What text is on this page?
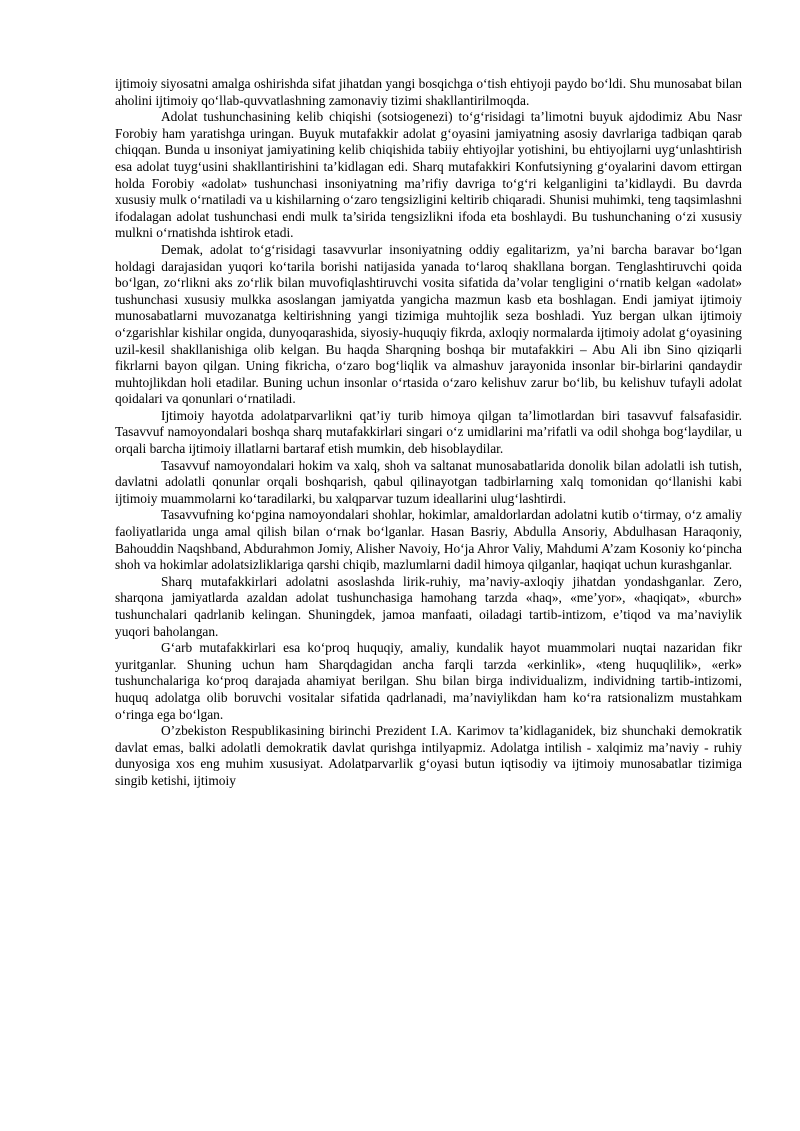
ijtimoiy siyosatni amalga oshirishda sifat jihatdan yangi bosqichga o‘tish ehtiyoji paydo bo‘ldi. Shu munosabat bilan aholini ijtimoiy qo‘llab-quvvatlashning zamonaviy tizimi shakllantirilmoqda.

Adolat tushunchasining kelib chiqishi (sotsiogenezi) to‘g‘risidagi ta’limotni buyuk ajdodimiz Abu Nasr Forobiy ham yaratishga uringan. Buyuk mutafakkir adolat g‘oyasini jamiyatning asosiy davrlariga tadbiqan qarab chiqqan. Bunda u insoniyat jamiyatining kelib chiqishida tabiiy ehtiyojlar yotishini, bu ehtiyojlarni uyg‘unlashtirish esa adolat tuyg‘usini shakllantirishini ta’kidlagan edi. Sharq mutafakkiri Konfutsiyning g‘oyalarini davom ettirgan holda Forobiy «adolat» tushunchasi insoniyatning ma’rifiy davriga to‘g‘ri kelganligini ta’kidlaydi. Bu davrda xususiy mulk o‘rnatiladi va u kishilarning o‘zaro tengsizligini keltirib chiqaradi. Shunisi muhimki, teng taqsimlashni ifodalagan adolat tushunchasi endi mulk ta’sirida tengsizlikni ifoda eta boshlaydi. Bu tushunchaning o‘zi xususiy mulkni o‘rnatishda ishtirok etadi.

Demak, adolat to‘g‘risidagi tasavvurlar insoniyatning oddiy egalitarizm, ya’ni barcha baravar bo‘lgan holdagi darajasidan yuqori ko‘tarila borishi natijasida yanada to‘laroq shakllana borgan. Tenglashtiruvchi qoida bo‘lgan, zo‘rlikni aks zo‘rlik bilan muvofiqlashtiruvchi vosita sifatida da’volar tengligini o‘rnatib kelgan «adolat» tushunchasi xususiy mulkka asoslangan jamiyatda yangicha mazmun kasb eta boshlagan. Endi jamiyat ijtimoiy munosabatlarni muvozanatga keltirishning yangi tizimiga muhtojlik seza boshladi. Yuz bergan ulkan ijtimoiy o‘zgarishlar kishilar ongida, dunyoqarashida, siyosiy-huquqiy fikrda, axloqiy normalarda ijtimoiy adolat g‘oyasining uzil-kesil shakllanishiga olib kelgan. Bu haqda Sharqning boshqa bir mutafakkiri – Abu Ali ibn Sino qiziqarli fikrlarni bayon qilgan. Uning fikricha, o‘zaro bog‘liqlik va almashuv jarayonida insonlar bir-birlarini qandaydir muhtojlikdan holi etadilar. Buning uchun insonlar o‘rtasida o‘zaro kelishuv zarur bo‘lib, bu kelishuv tufayli adolat qoidalari va qonunlari o‘rnatiladi.

Ijtimoiy hayotda adolatparvarlikni qat’iy turib himoya qilgan ta’limotlardan biri tasavvuf falsafasidir. Tasavvuf namoyondalari boshqa sharq mutafakkirlari singari o‘z umidlarini ma’rifatli va odil shohga bog‘laydilar, u orqali barcha ijtimoiy illatlarni bartaraf etish mumkin, deb hisoblaydilar.

Tasavvuf namoyondalari hokim va xalq, shoh va saltanat munosabatlarida donolik bilan adolatli ish tutish, davlatni adolatli qonunlar orqali boshqarish, qabul qilinayotgan tadbirlarning xalq tomonidan qo‘llanishi kabi ijtimoiy muammolarni ko‘taradilarki, bu xalqparvar tuzum ideallarini ulug‘lashtirdi.

Tasavvufning ko‘pgina namoyondalari shohlar, hokimlar, amaldorlardan adolatni kutib o‘tirmay, o‘z amaliy faoliyatlarida unga amal qilish bilan o‘rnak bo‘lganlar. Hasan Basriy, Abdulla Ansoriy, Abdulhasan Haraqoniy, Bahouddin Naqshband, Abdurahmon Jomiy, Alisher Navoiy, Ho‘ja Ahror Valiy, Mahdumi A’zam Kosoniy ko‘pincha shoh va hokimlar adolatsizliklariga qarshi chiqib, mazlumlarni dadil himoya qilganlar, haqiqat uchun kurashganlar.

Sharq mutafakkirlari adolatni asoslashda lirik-ruhiy, ma’naviy-axloqiy jihatdan yondashganlar. Zero, sharqona jamiyatlarda azaldan adolat tushunchasiga hamohang tarzda «haq», «me’yor», «haqiqat», «burch» tushunchalari qadrlanib kelingan. Shuningdek, jamoa manfaati, oiladagi tartib-intizom, e’tiqod va ma’naviylik yuqori baholangan.

G‘arb mutafakkirlari esa ko‘proq huquqiy, amaliy, kundalik hayot muammolari nuqtai nazaridan fikr yuritganlar. Shuning uchun ham Sharqdagidan ancha farqli tarzda «erkinlik», «teng huquqlilik», «erk» tushunchalariga ko‘proq darajada ahamiyat berilgan. Shu bilan birga individualizm, individning tartib-intizomi, huquq adolatga olib boruvchi vositalar sifatida qadrlanadi, ma’naviylikdan ham ko‘ra ratsionalizm mustahkam o‘ringa ega bo‘lgan.

O’zbekiston Respublikasining birinchi Prezident I.A. Karimov ta’kidlaganidek, biz shunchaki demokratik davlat emas, balki adolatli demokratik davlat qurishga intilyapmiz. Adolatga intilish - xalqimiz ma’naviy - ruhiy dunyosiga xos eng muhim xususiyat. Adolatparvarlik g‘oyasi butun iqtisodiy va ijtimoiy munosabatlar tizimiga singib ketishi, ijtimoiy
